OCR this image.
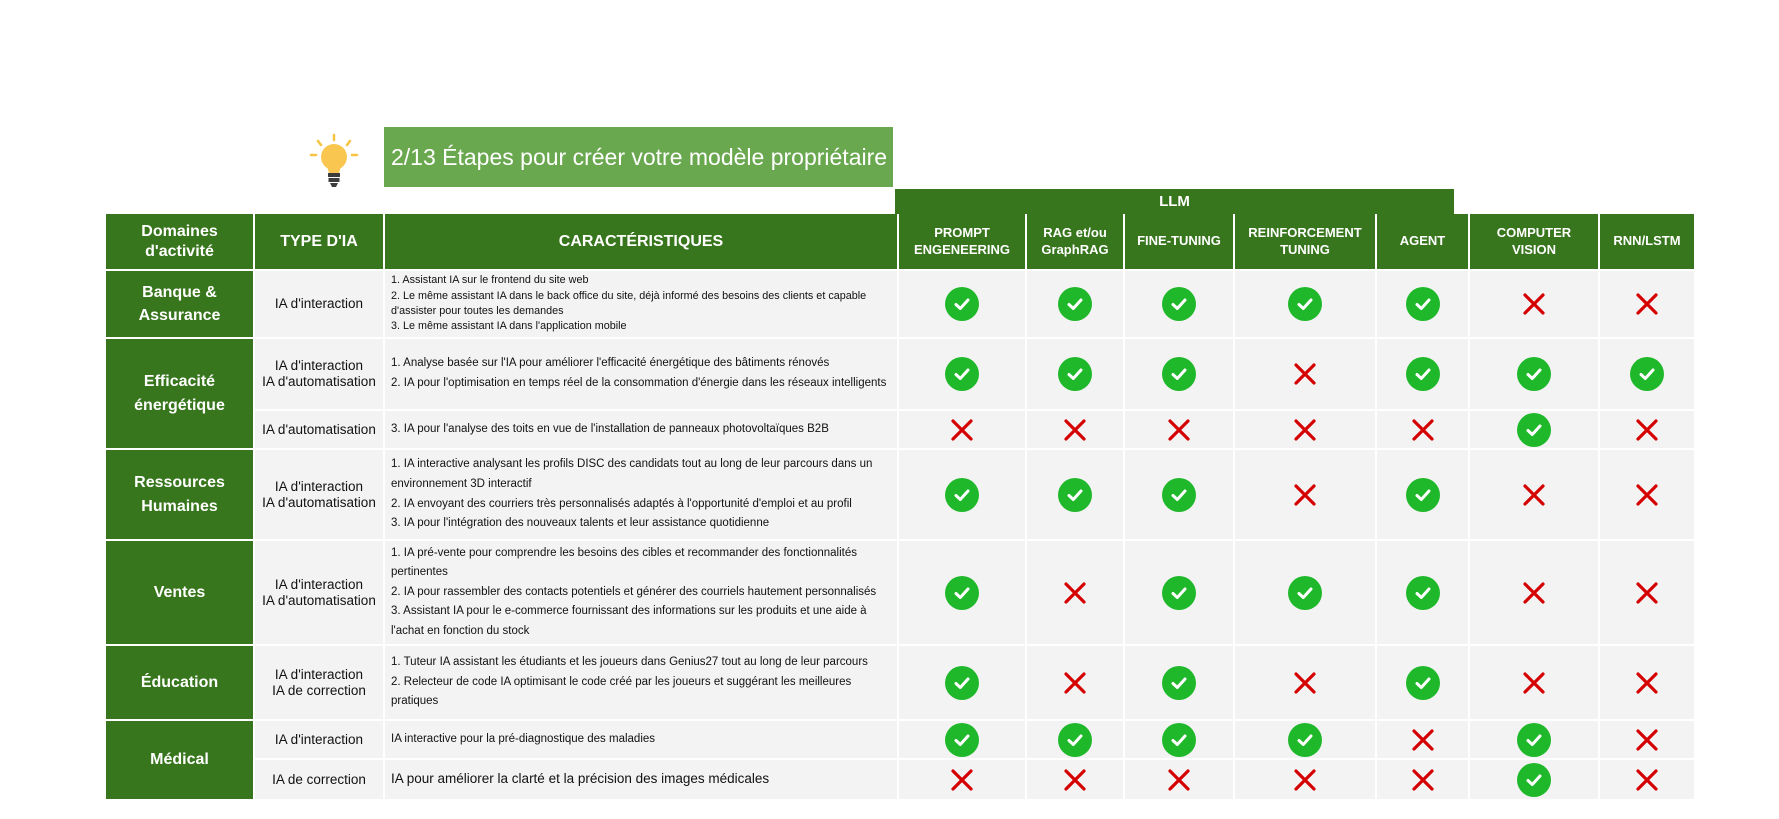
2/13 Étapes pour créer votre modèle propriétaire
LLM
Domaines d'activité
TYPE D'IA	CARACTÉRISTIQUES	PROMPT ENGENEERING
RAG et/ou GraphRAG
FINE-TUNING
REINFORCEMENT TUNING
AGENT
COMPUTER VISION
RNN/LSTM
Banque & Assurance
Efficacité énergétique
Ressources Humaines
Ventes
Éducation
Médical
IA d'interaction
1. Assistant IA sur le frontend du site web
2. Le même assistant IA dans le back office du site, déjà informé des besoins des clients et capable d'assister pour toutes les demandes
3. Le même assistant IA dans l'application mobile
IA d'interaction
IA d'automatisation
1. Analyse basée sur l'IA pour améliorer l'efficacité énergétique des bâtiments rénovés
2. IA pour l'optimisation en temps réel de la consommation d'énergie dans les réseaux intelligents
IA d'automatisation 3. IA pour l'analyse des toits en vue de l'installation de panneaux photovoltaïques B2B
IA d'interaction
IA d'automatisation
1. IA interactive analysant les profils DISC des candidats tout au long de leur parcours dans un environnement 3D interactif
2. IA envoyant des courriers très personnalisés adaptés à l'opportunité d'emploi et au profil
3. IA pour l'intégration des nouveaux talents et leur assistance quotidienne
IA d'interaction
IA d'automatisation
1. IA pré-vente pour comprendre les besoins des cibles et recommander des fonctionnalités pertinentes
2. IA pour rassembler des contacts potentiels et générer des courriels hautement personnalisés
3. Assistant IA pour le e-commerce fournissant des informations sur les produits et une aide à l'achat en fonction du stock
IA d'interaction
IA de correction
1. Tuteur IA assistant les étudiants et les joueurs dans Genius27 tout au long de leur parcours
2. Relecteur de code IA optimisant le code créé par les joueurs et suggérant les meilleures pratiques
IA d'interaction IA interactive pour la pré-diagnostique des maladies
IA de correction IA pour améliorer la clarté et la précision des images médicales
